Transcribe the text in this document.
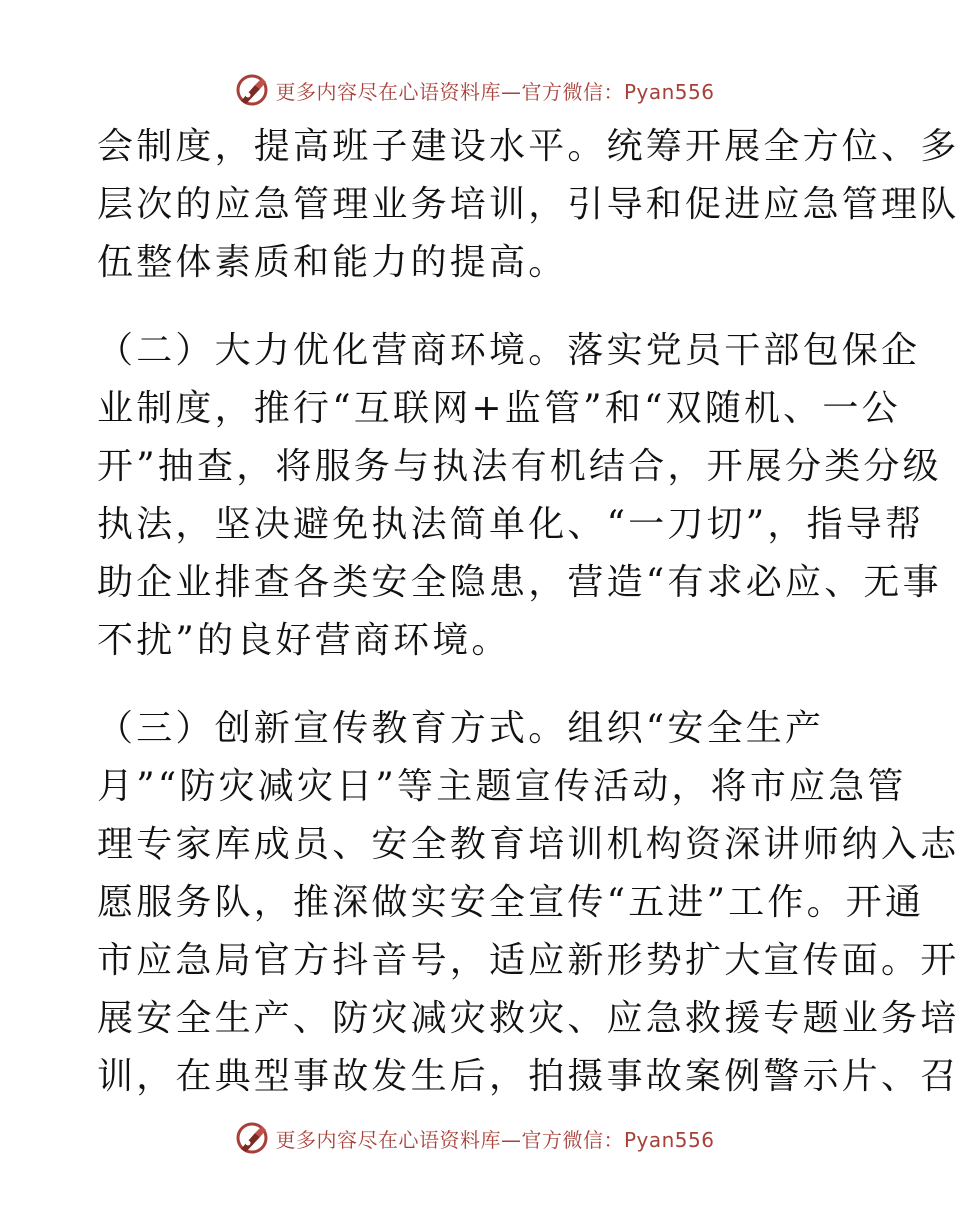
更多内容尽在心语资料库—官方微信：Pyan556
会制度，提高班子建设水平。统筹开展全方位、多
层次的应急管理业务培训，引导和促进应急管理队
伍整体素质和能力的提高。
（二）大力优化营商环境。落实党员干部包保企
业制度，推行“互联网+监管”和“双随机、一公
开”抽查，将服务与执法有机结合，开展分类分级
执法，坚决避免执法简单化、“一刀切”，指导帮
助企业排查各类安全隐患，营造“有求必应、无事
不扰”的良好营商环境。
（三）创新宣传教育方式。组织“安全生产
月”“防灾减灾日”等主题宣传活动，将市应急管
理专家库成员、安全教育培训机构资深讲师纳入志
愿服务队，推深做实安全宣传“五进”工作。开通
市应急局官方抖音号，适应新形势扩大宣传面。开
展安全生产、防灾减灾救灾、应急救援专题业务培
训，在典型事故发生后，拍摄事故案例警示片、召
更多内容尽在心语资料库—官方微信：Pyan556
